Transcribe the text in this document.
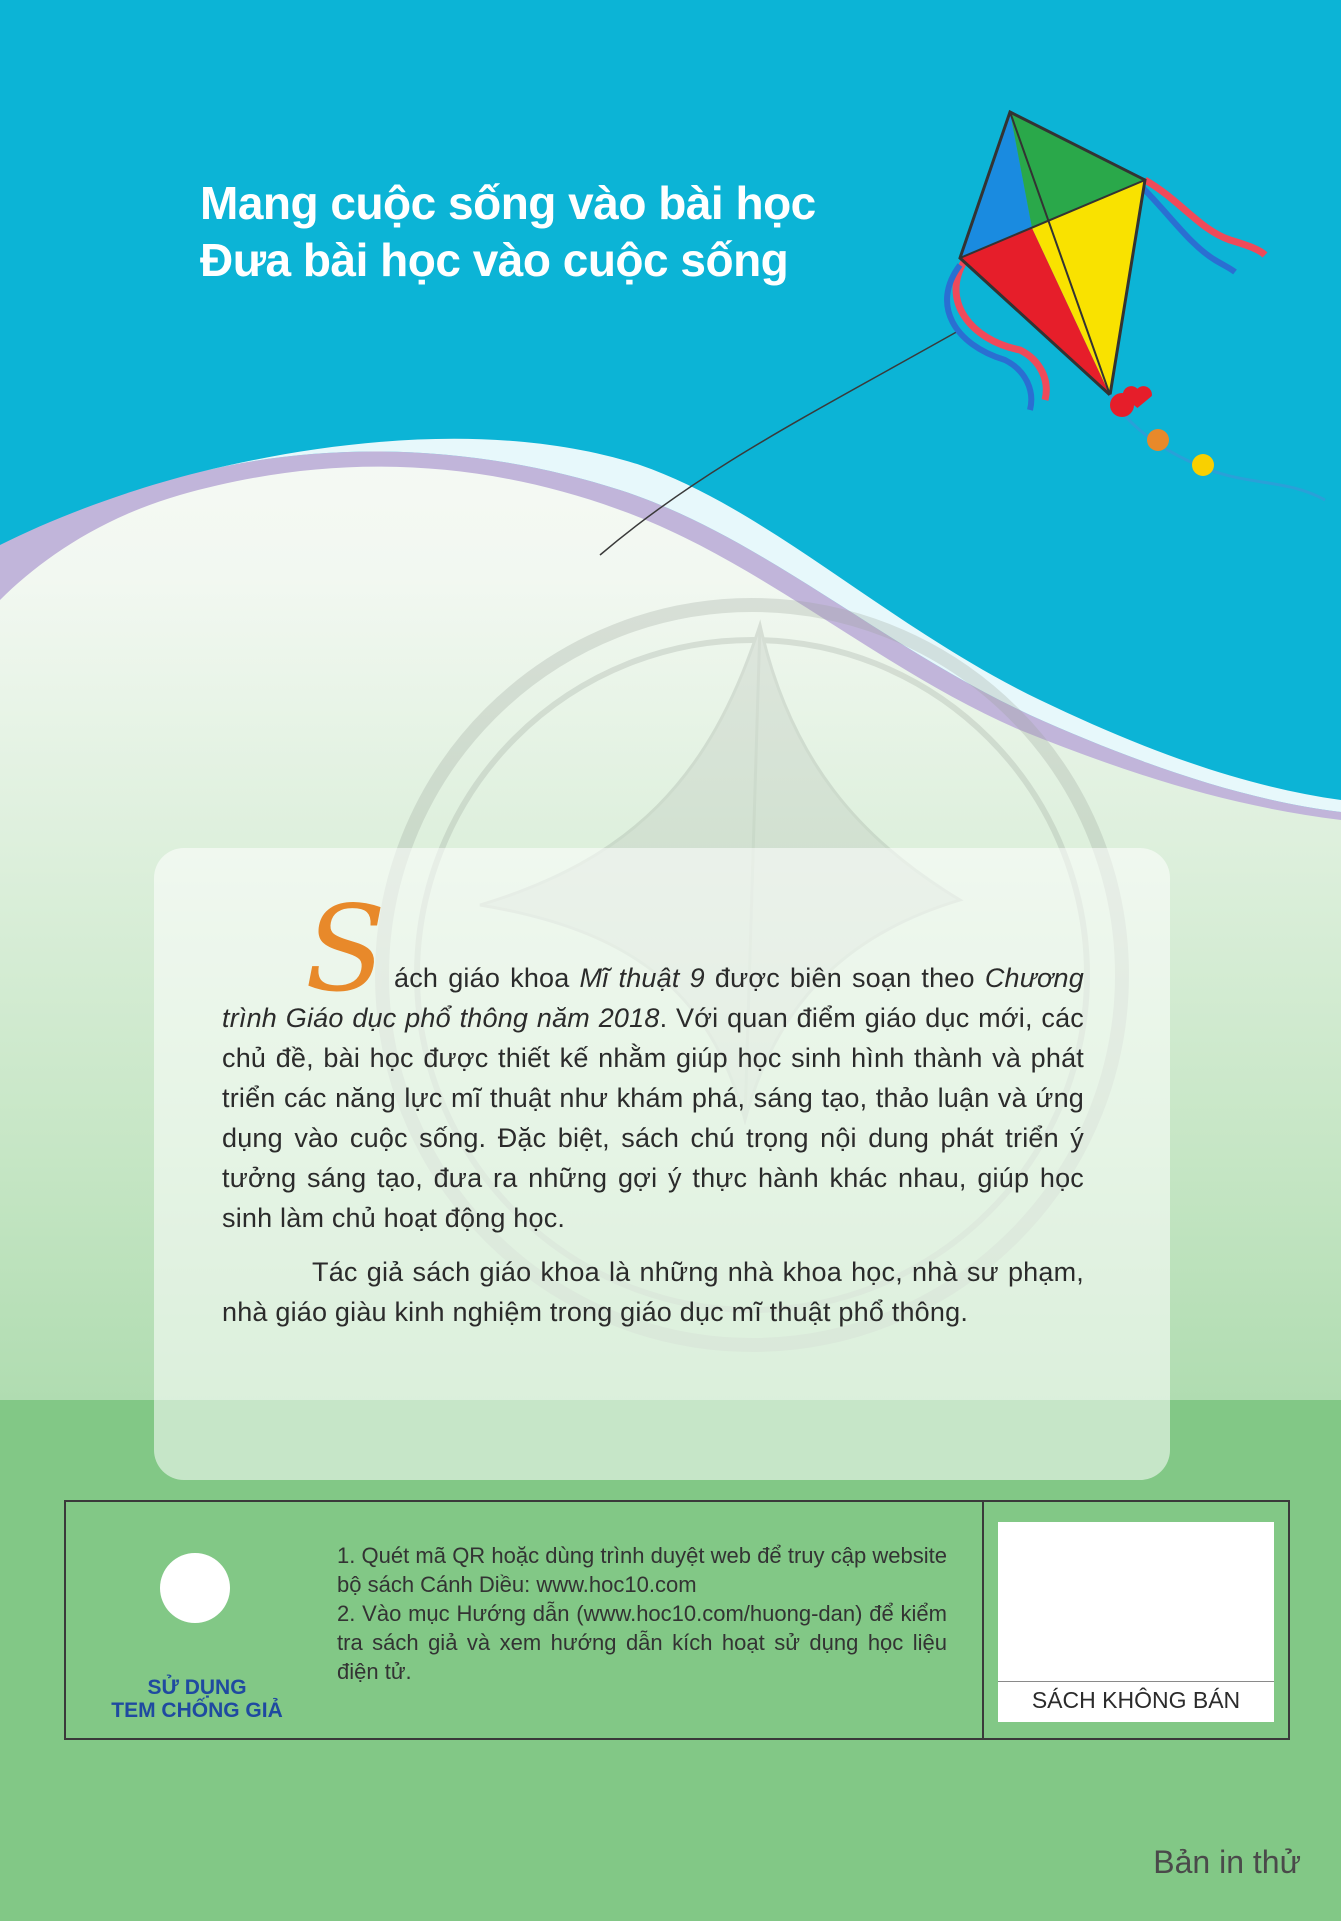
Mang cuộc sống vào bài học
Đưa bài học vào cuộc sống
S ách giáo khoa Mĩ thuật 9 được biên soạn theo Chương trình Giáo dục phổ thông năm 2018. Với quan điểm giáo dục mới, các chủ đề, bài học được thiết kế nhằm giúp học sinh hình thành và phát triển các năng lực mĩ thuật như khám phá, sáng tạo, thảo luận và ứng dụng vào cuộc sống. Đặc biệt, sách chú trọng nội dung phát triển ý tưởng sáng tạo, đưa ra những gợi ý thực hành khác nhau, giúp học sinh làm chủ hoạt động học.
Tác giả sách giáo khoa là những nhà khoa học, nhà sư phạm, nhà giáo giàu kinh nghiệm trong giáo dục mĩ thuật phổ thông.
SỬ DỤNG
TEM CHỐNG GIẢ
1. Quét mã QR hoặc dùng trình duyệt web để truy cập website bộ sách Cánh Diều: www.hoc10.com
2. Vào mục Hướng dẫn (www.hoc10.com/huong-dan) để kiểm tra sách giả và xem hướng dẫn kích hoạt sử dụng học liệu điện tử.
SÁCH KHÔNG BÁN
Bản in thử
